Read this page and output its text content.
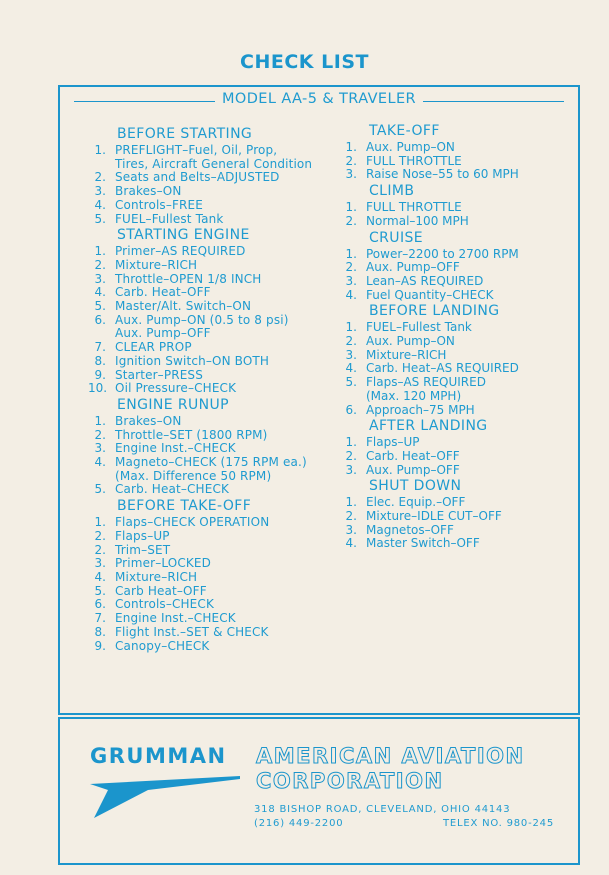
CHECK LIST
MODEL AA-5 & TRAVELER
BEFORE STARTING
1. PREFLIGHT–Fuel, Oil, Prop,
Tires, Aircraft General Condition
2. Seats and Belts–ADJUSTED
3. Brakes–ON
4. Controls–FREE
5. FUEL–Fullest Tank
STARTING ENGINE
1. Primer–AS REQUIRED
2. Mixture–RICH
3. Throttle–OPEN 1/8 INCH
4. Carb. Heat–OFF
5. Master/Alt. Switch–ON
6. Aux. Pump–ON (0.5 to 8 psi)
Aux. Pump–OFF
7. CLEAR PROP
8. Ignition Switch–ON BOTH
9. Starter–PRESS
10. Oil Pressure–CHECK
ENGINE RUNUP
1. Brakes–ON
2. Throttle–SET (1800 RPM)
3. Engine Inst.–CHECK
4. Magneto–CHECK (175 RPM ea.)
(Max. Difference 50 RPM)
5. Carb. Heat–CHECK
BEFORE TAKE-OFF
1. Flaps–CHECK OPERATION
2. Flaps–UP
2. Trim–SET
3. Primer–LOCKED
4. Mixture–RICH
5. Carb Heat–OFF
6. Controls–CHECK
7. Engine Inst.–CHECK
8. Flight Inst.–SET & CHECK
9. Canopy–CHECK
TAKE-OFF
1. Aux. Pump–ON
2. FULL THROTTLE
3. Raise Nose–55 to 60 MPH
CLIMB
1. FULL THROTTLE
2. Normal–100 MPH
CRUISE
1. Power–2200 to 2700 RPM
2. Aux. Pump–OFF
3. Lean–AS REQUIRED
4. Fuel Quantity–CHECK
BEFORE LANDING
1. FUEL–Fullest Tank
2. Aux. Pump–ON
3. Mixture–RICH
4. Carb. Heat–AS REQUIRED
5. Flaps–AS REQUIRED
(Max. 120 MPH)
6. Approach–75 MPH
AFTER LANDING
1. Flaps–UP
2. Carb. Heat–OFF
3. Aux. Pump–OFF
SHUT DOWN
1. Elec. Equip.–OFF
2. Mixture–IDLE CUT–OFF
3. Magnetos–OFF
4. Master Switch–OFF
GRUMMAN AMERICAN AVIATION
CORPORATION
318 BISHOP ROAD, CLEVELAND, OHIO 44143
(216) 449-2200	TELEX NO. 980-245
